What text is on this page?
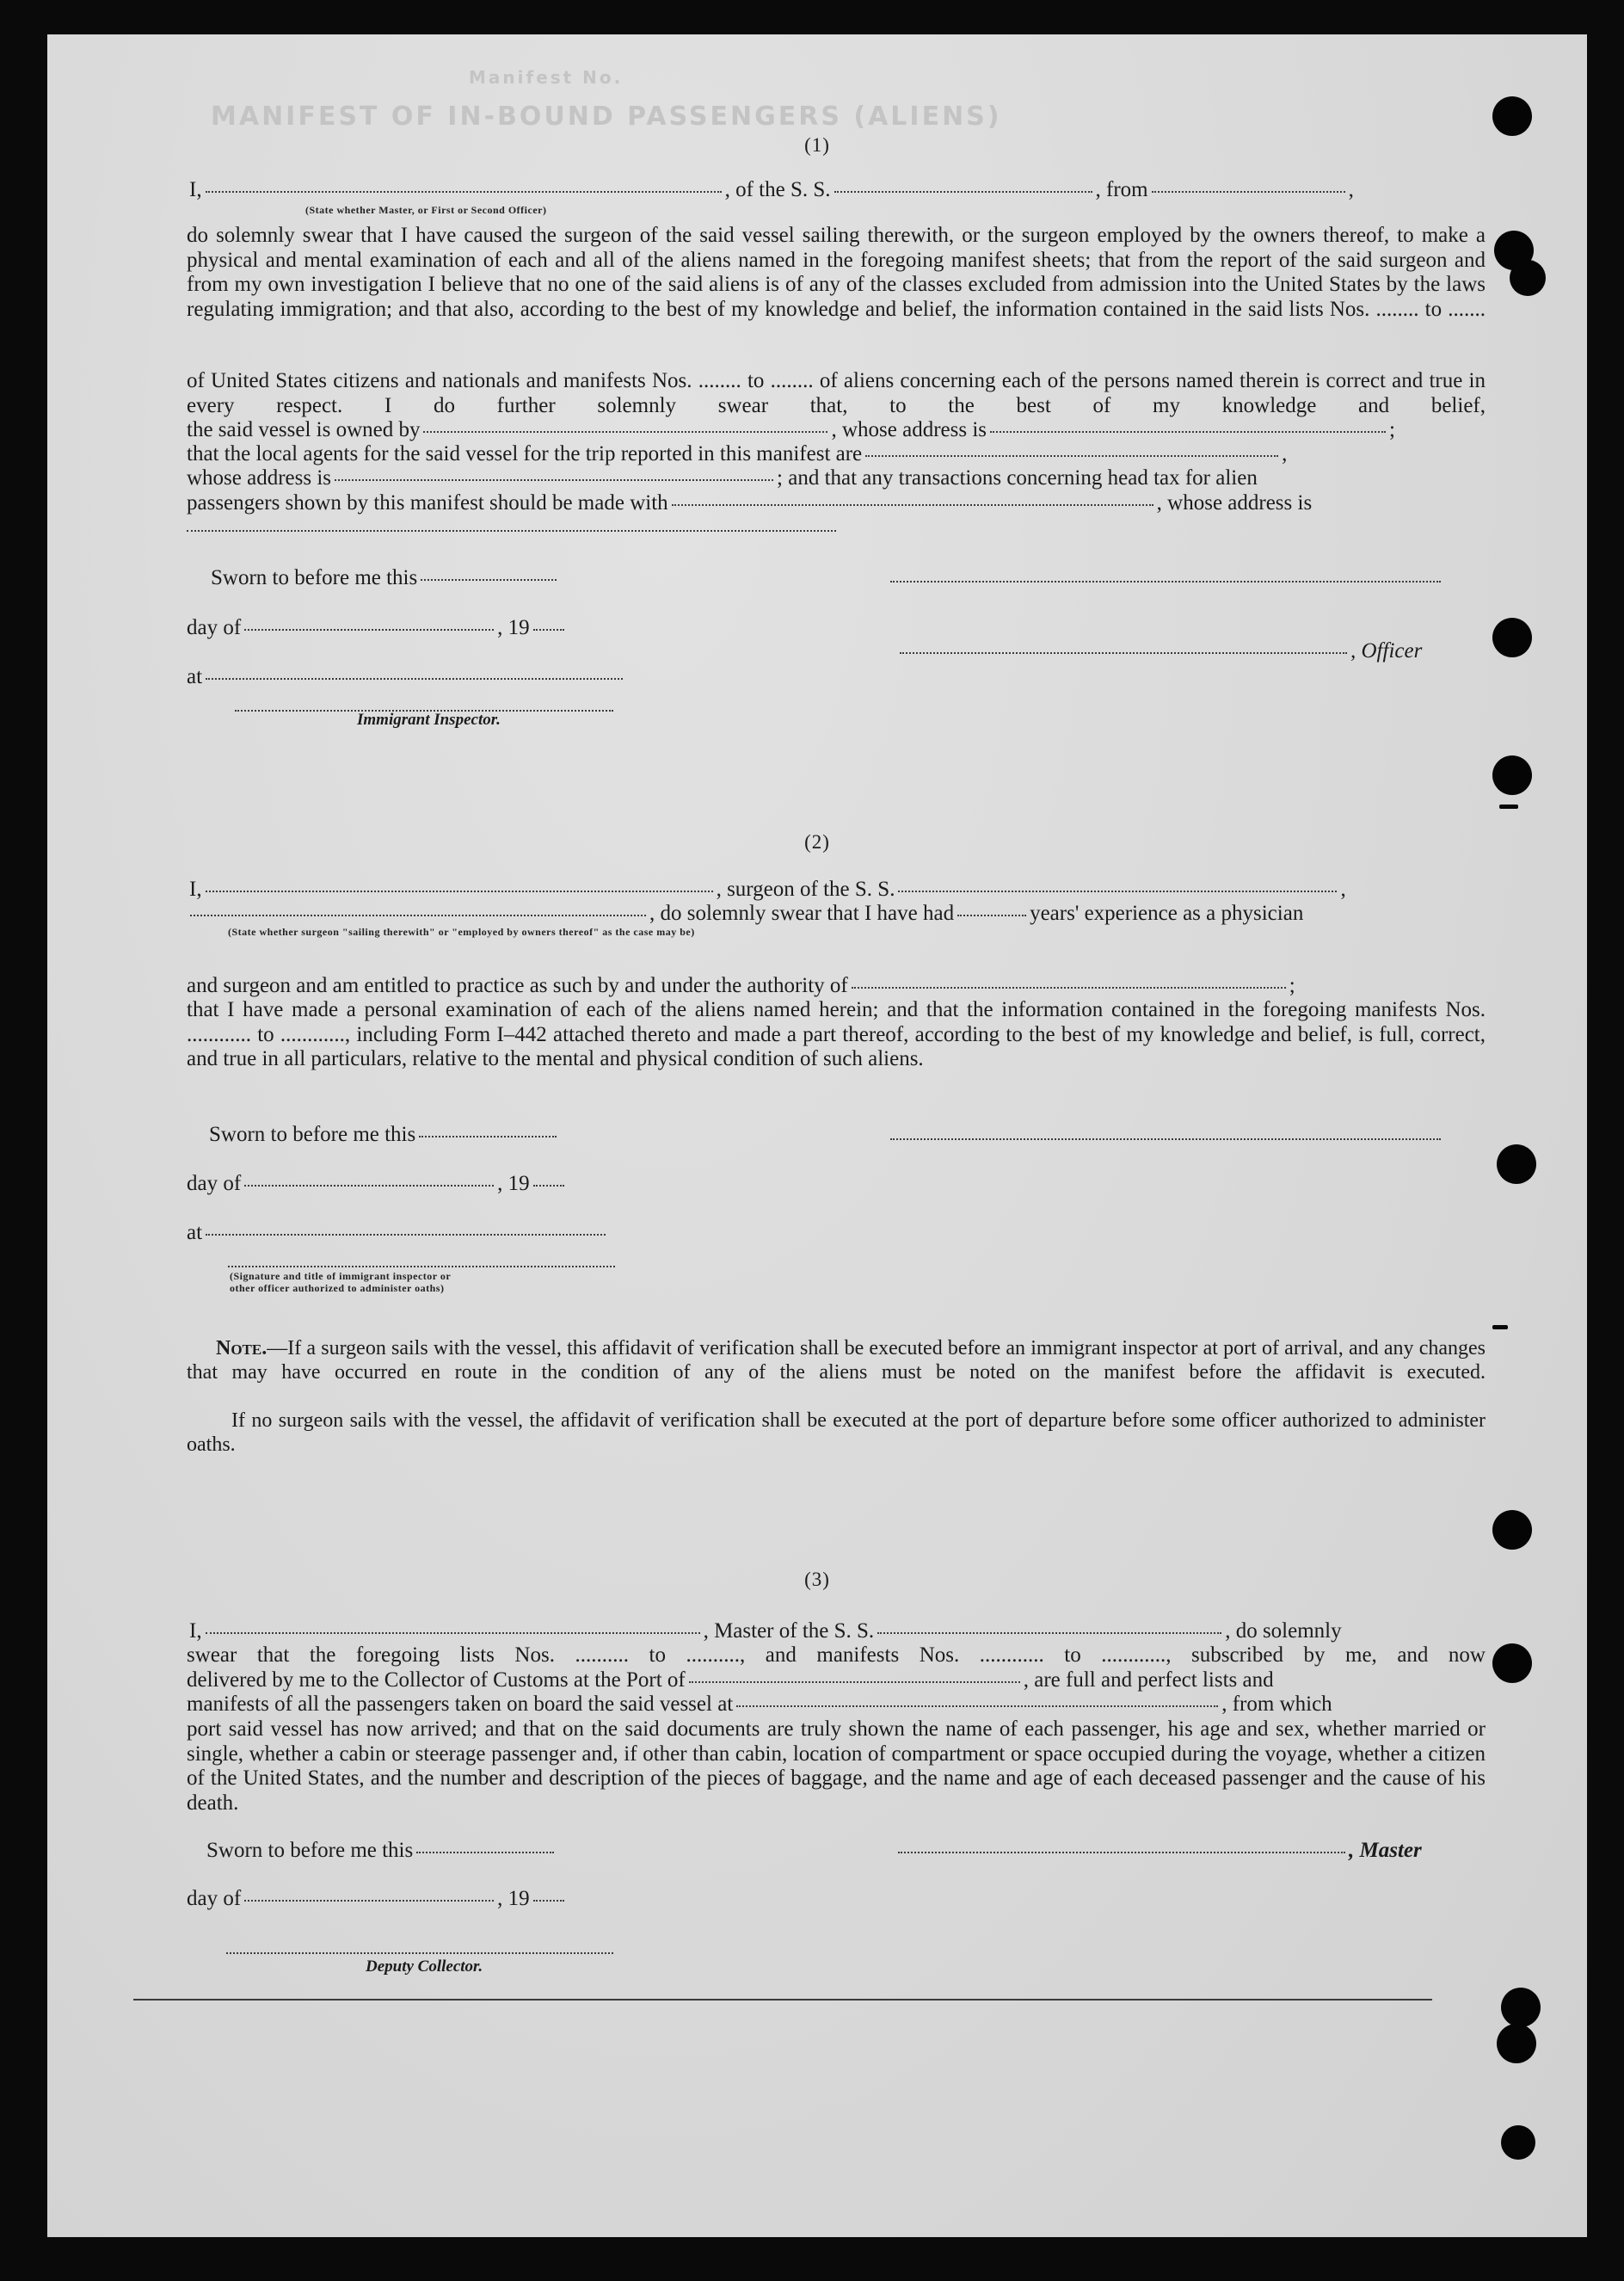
MANIFEST OF IN-BOUND PASSENGERS (ALIENS)
Manifest No.
(1)
I,	, of the S. S.	, from	,
(State whether Master, or First or Second Officer)
do solemnly swear that I have caused the surgeon of the said vessel sailing therewith, or the surgeon employed by the owners thereof, to make a physical and mental examination of each and all of the aliens named in the foregoing manifest sheets; that from the report of the said surgeon and from my own investigation I believe that no one of the said aliens is of any of the classes excluded from admission into the United States by the laws regulating immigration; and that also, according to the best of my knowledge and belief, the information contained in the said lists Nos. ........ to .......
of United States citizens and nationals and manifests Nos. ........ to ........ of aliens concerning each of the persons named therein is correct and true in every respect. I do further solemnly swear that, to the best of my knowledge and belief,
the said vessel is owned by	, whose address is	;
that the local agents for the said vessel for the trip reported in this manifest are	,
whose address is	; and that any transactions concerning head tax for alien
passengers shown by this manifest should be made with	, whose address is
Sworn to before me this
day of	, 19
, Officer
at
Immigrant Inspector.
(2)
I,	, surgeon of the S. S.	,
, do solemnly swear that I have had	years' experience as a physician
(State whether surgeon "sailing therewith" or "employed by owners thereof" as the case may be)
and surgeon and am entitled to practice as such by and under the authority of	;
that I have made a personal examination of each of the aliens named herein; and that the information contained in the foregoing manifests Nos. ............ to ............, including Form I–442 attached thereto and made a part thereof, according to the best of my knowledge and belief, is full, correct, and true in all particulars, relative to the mental and physical condition of such aliens.
Sworn to before me this
day of	, 19
at
(Signature and title of immigrant inspector or
other officer authorized to administer oaths)
Note.—If a surgeon sails with the vessel, this affidavit of verification shall be executed before an immigrant inspector at port of arrival, and any changes that may have occurred en route in the condition of any of the aliens must be noted on the manifest before the affidavit is executed.
If no surgeon sails with the vessel, the affidavit of verification shall be executed at the port of departure before some officer authorized to administer oaths.
(3)
I,	, Master of the S. S.	, do solemnly
swear that the foregoing lists Nos. .......... to .........., and manifests Nos. ............ to ............, subscribed by me, and now
delivered by me to the Collector of Customs at the Port of	, are full and perfect lists and
manifests of all the passengers taken on board the said vessel at	, from which
port said vessel has now arrived; and that on the said documents are truly shown the name of each passenger, his age and sex, whether married or single, whether a cabin or steerage passenger and, if other than cabin, location of compartment or space occupied during the voyage, whether a citizen of the United States, and the number and description of the pieces of baggage, and the name and age of each deceased passenger and the cause of his death.
Sworn to before me this	, Master
day of	, 19
Deputy Collector.
